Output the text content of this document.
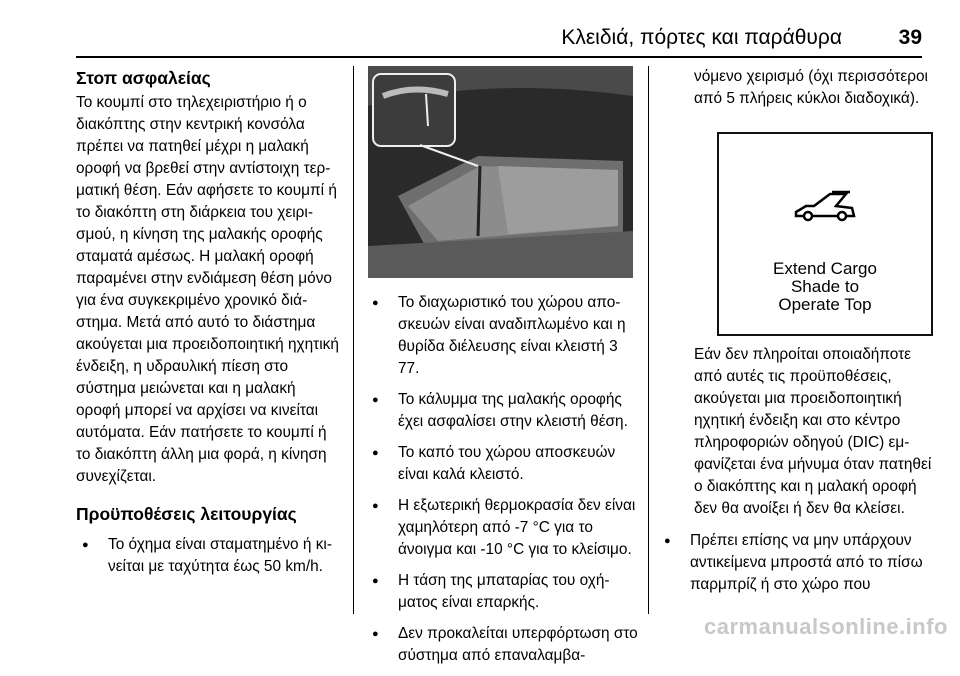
Κλειδιά, πόρτες και παράθυρα	39

Στοπ ασφαλείας

Το κουμπί στο τηλεχειριστήριο ή ο διακόπτης στην κεντρική κονσόλα πρέπει να πατηθεί μέχρι η μαλακή οροφή να βρεθεί στην αντίστοιχη τερματική θέση. Εάν αφήσετε το κουμπί ή το διακόπτη στη διάρκεια του χειρισμού, η κίνηση της μαλακής οροφής σταματά αμέσως. Η μαλακή οροφή παραμένει στην ενδιάμεση θέση μόνο για ένα συγκεκριμένο χρονικό διάστημα. Μετά από αυτό το διάστημα ακούγεται μια προειδοποιητική ηχητική ένδειξη, η υδραυλική πίεση στο σύστημα μειώνεται και η μαλακή οροφή μπορεί να αρχίσει να κινείται αυτόματα. Εάν πατήσετε το κουμπί ή το διακόπτη άλλη μια φορά, η κίνηση συνεχίζεται.

Προϋποθέσεις λειτουργίας

● Το όχημα είναι σταματημένο ή κινείται με ταχύτητα έως 50 km/h.
● Το διαχωριστικό του χώρου αποσκευών είναι αναδιπλωμένο και η θυρίδα διέλευσης είναι κλειστή 3 77.
● Το κάλυμμα της μαλακής οροφής έχει ασφαλίσει στην κλειστή θέση.
● Το καπό του χώρου αποσκευών είναι καλά κλειστό.
● Η εξωτερική θερμοκρασία δεν είναι χαμηλότερη από -7 °C για το άνοιγμα και -10 °C για το κλείσιμο.
● Η τάση της μπαταρίας του οχήματος είναι επαρκής.
● Δεν προκαλείται υπερφόρτωση στο σύστημα από επαναλαμβα-

νόμενο χειρισμό (όχι περισσότεροι από 5 πλήρεις κύκλοι διαδοχικά).

Extend Cargo
Shade to
Operate Top

Εάν δεν πληροίται οποιαδήποτε από αυτές τις προϋποθέσεις, ακούγεται μια προειδοποιητική ηχητική ένδειξη και στο κέντρο πληροφοριών οδηγού (DIC) εμφανίζεται ένα μήνυμα όταν πατηθεί ο διακόπτης και η μαλακή οροφή δεν θα ανοίξει ή δεν θα κλείσει.

● Πρέπει επίσης να μην υπάρχουν αντικείμενα μπροστά από το πίσω παρμπρίζ ή στο χώρο που
carmanualsonline.info
